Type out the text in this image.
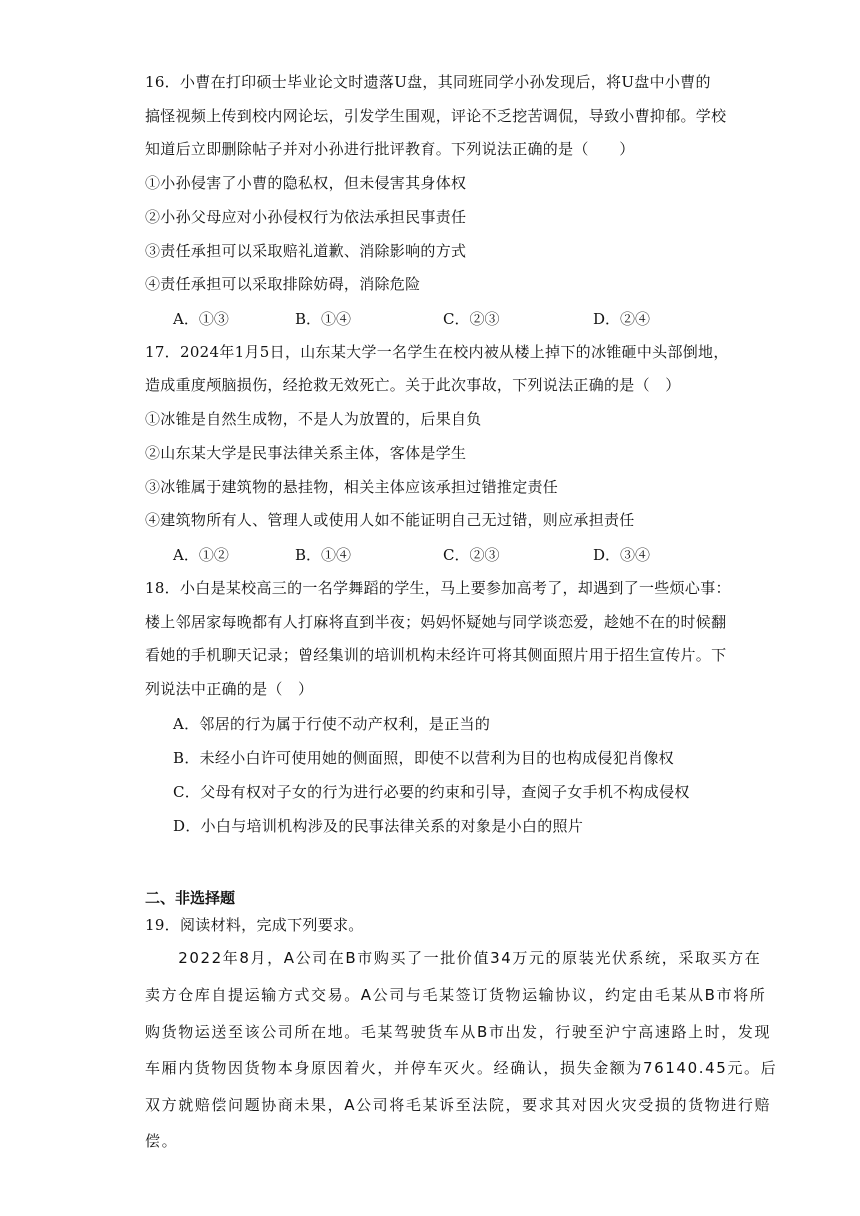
16．小曹在打印硕士毕业论文时遗落U盘，其同班同学小孙发现后，将U盘中小曹的
搞怪视频上传到校内网论坛，引发学生围观，评论不乏挖苦调侃，导致小曹抑郁。学校
知道后立即删除帖子并对小孙进行批评教育。下列说法正确的是（　　）
①小孙侵害了小曹的隐私权，但未侵害其身体权
②小孙父母应对小孙侵权行为依法承担民事责任
③责任承担可以采取赔礼道歉、消除影响的方式
④责任承担可以采取排除妨碍，消除危险
A．①③	B．①④	C．②③	D．②④
17．2024年1月5日，山东某大学一名学生在校内被从楼上掉下的冰锥砸中头部倒地，
造成重度颅脑损伤，经抢救无效死亡。关于此次事故，下列说法正确的是（　）
①冰锥是自然生成物，不是人为放置的，后果自负
②山东某大学是民事法律关系主体，客体是学生
③冰锥属于建筑物的悬挂物，相关主体应该承担过错推定责任
④建筑物所有人、管理人或使用人如不能证明自己无过错，则应承担责任
A．①②	B．①④	C．②③	D．③④
18．小白是某校高三的一名学舞蹈的学生，马上要参加高考了，却遇到了一些烦心事：
楼上邻居家每晚都有人打麻将直到半夜；妈妈怀疑她与同学谈恋爱，趁她不在的时候翻
看她的手机聊天记录；曾经集训的培训机构未经许可将其侧面照片用于招生宣传片。下
列说法中正确的是（　）
A．邻居的行为属于行使不动产权利，是正当的
B．未经小白许可使用她的侧面照，即使不以营利为目的也构成侵犯肖像权
C．父母有权对子女的行为进行必要的约束和引导，查阅子女手机不构成侵权
D．小白与培训机构涉及的民事法律关系的对象是小白的照片
二、非选择题
19．阅读材料，完成下列要求。
　　2022年8月，A公司在B市购买了一批价值34万元的原装光伏系统，采取买方在
卖方仓库自提运输方式交易。A公司与毛某签订货物运输协议，约定由毛某从B市将所
购货物运送至该公司所在地。毛某驾驶货车从B市出发，行驶至沪宁高速路上时，发现
车厢内货物因货物本身原因着火，并停车灭火。经确认，损失金额为76140.45元。后
双方就赔偿问题协商未果，A公司将毛某诉至法院，要求其对因火灾受损的货物进行赔
偿。
